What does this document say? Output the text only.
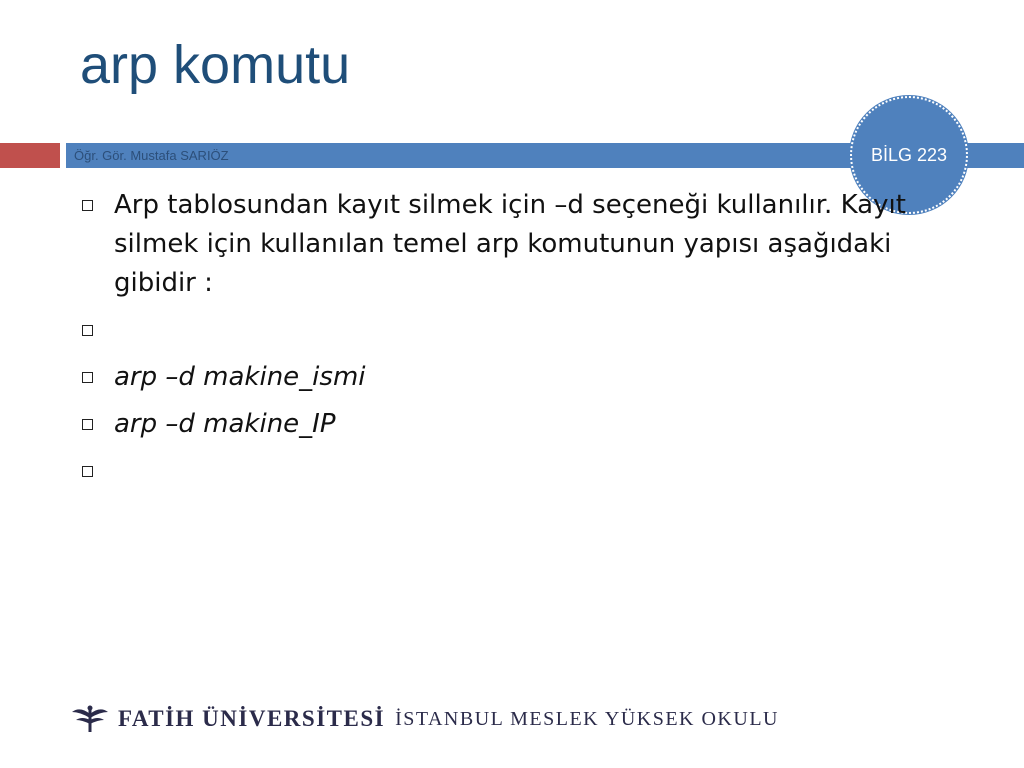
arp komutu
Öğr. Gör. Mustafa SARIÖZ	BİLG 223
Arp tablosundan kayıt silmek için –d seçeneği kullanılır. Kayıt silmek için kullanılan temel arp komutunun yapısı aşağıdaki gibidir :
arp –d makine_ismi
arp –d makine_IP
FATİH ÜNİVERSİTESİ İSTANBUL MESLEK YÜKSEK OKULU
